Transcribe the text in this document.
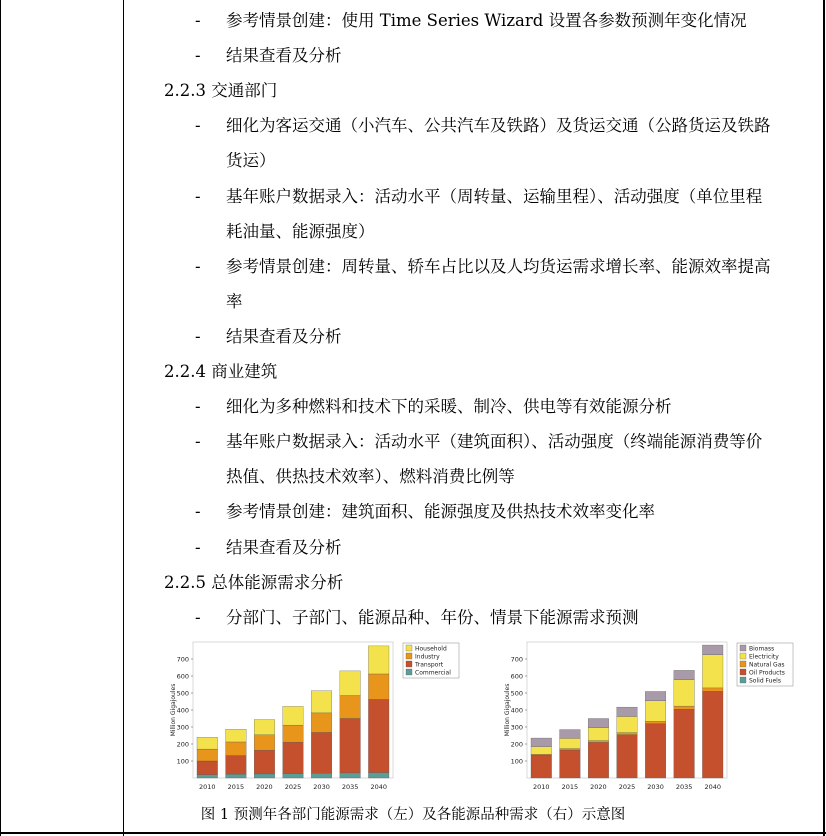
- 参考情景创建：使用 Time Series Wizard 设置各参数预测年变化情况
- 结果查看及分析
2.2.3 交通部门
- 细化为客运交通（小汽车、公共汽车及铁路）及货运交通（公路货运及铁路
货运）
- 基年账户数据录入：活动水平（周转量、运输里程）、活动强度（单位里程
耗油量、能源强度）
- 参考情景创建：周转量、轿车占比以及人均货运需求增长率、能源效率提高
率
- 结果查看及分析
2.2.4 商业建筑
- 细化为多种燃料和技术下的采暖、制冷、供电等有效能源分析
- 基年账户数据录入：活动水平（建筑面积）、活动强度（终端能源消费等价
热值、供热技术效率）、燃料消费比例等
- 参考情景创建：建筑面积、能源强度及供热技术效率变化率
- 结果查看及分析
2.2.5 总体能源需求分析
- 分部门、子部门、能源品种、年份、情景下能源需求预测
100
200
300
400
500
600
700
Million Gigajoules
2010 2015 2020 2025 2030 2035 2040
Household
Industry
Transport
Commercial
100
200
300
400
500
600
700
Million Gigajoules
2010 2015 2020 2025 2030 2035 2040
Biomass
Electricity
Natural Gas
Oil Products
Solid Fuels
图 1 预测年各部门能源需求（左）及各能源品种需求（右）示意图
